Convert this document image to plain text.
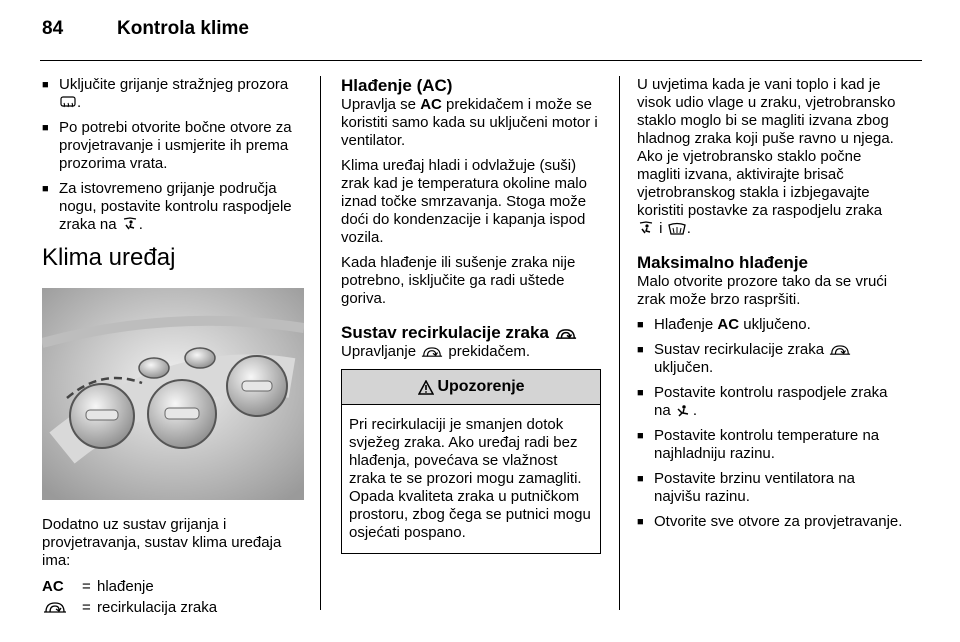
84	Kontrola klime
■ Uključite grijanje stražnjeg prozora
.
■ Po potrebi otvorite bočne otvore za provjetravanje i usmjerite ih prema prozorima vrata.
■ Za istovremeno grijanje područja nogu, postavite kontrolu raspodjele zraka na .
Klima uređaj

Dodatno uz sustav grijanja i provjetravanja, sustav klima uređaja ima:

AC	=	hlađenje

	=	recirkulacija zraka
Hlađenje (AC)

Upravlja se AC prekidačem i može se koristiti samo kada su uključeni motor i ventilator.

Klima uređaj hladi i odvlažuje (suši) zrak kad je temperatura okoline malo iznad točke smrzavanja. Stoga može doći do kondenzacije i kapanja ispod vozila.

Kada hlađenje ili sušenje zraka nije potrebno, isključite ga radi uštede goriva.

Sustav recirkulacije zraka

Upravljanje prekidačem.

Upozorenje
Pri recirkulaciji je smanjen dotok svježeg zraka. Ako uređaj radi bez hlađenja, povećava se vlažnost zraka te se prozori mogu zamagliti. Opada kvaliteta zraka u putničkom prostoru, zbog čega se putnici mogu osjećati pospano.

U uvjetima kada je vani toplo i kad je visok udio vlage u zraku, vjetrobransko staklo moglo bi se magliti izvana zbog hladnog zraka koji puše ravno u njega. Ako je vjetrobransko staklo počne magliti izvana, aktivirajte brisač vjetrobranskog stakla i izbjegavajte koristiti postavke za raspodjelu zraka
i .

Maksimalno hlađenje

Malo otvorite prozore tako da se vrući zrak može brzo raspršiti.

■ Hlađenje AC uključeno.
■ Sustav recirkulacije zraka
uključen.
■ Postavite kontrolu raspodjele zraka na .
■ Postavite kontrolu temperature na najhladniju razinu.
■ Postavite brzinu ventilatora na najvišu razinu.
■ Otvorite sve otvore za provjetravanje.
